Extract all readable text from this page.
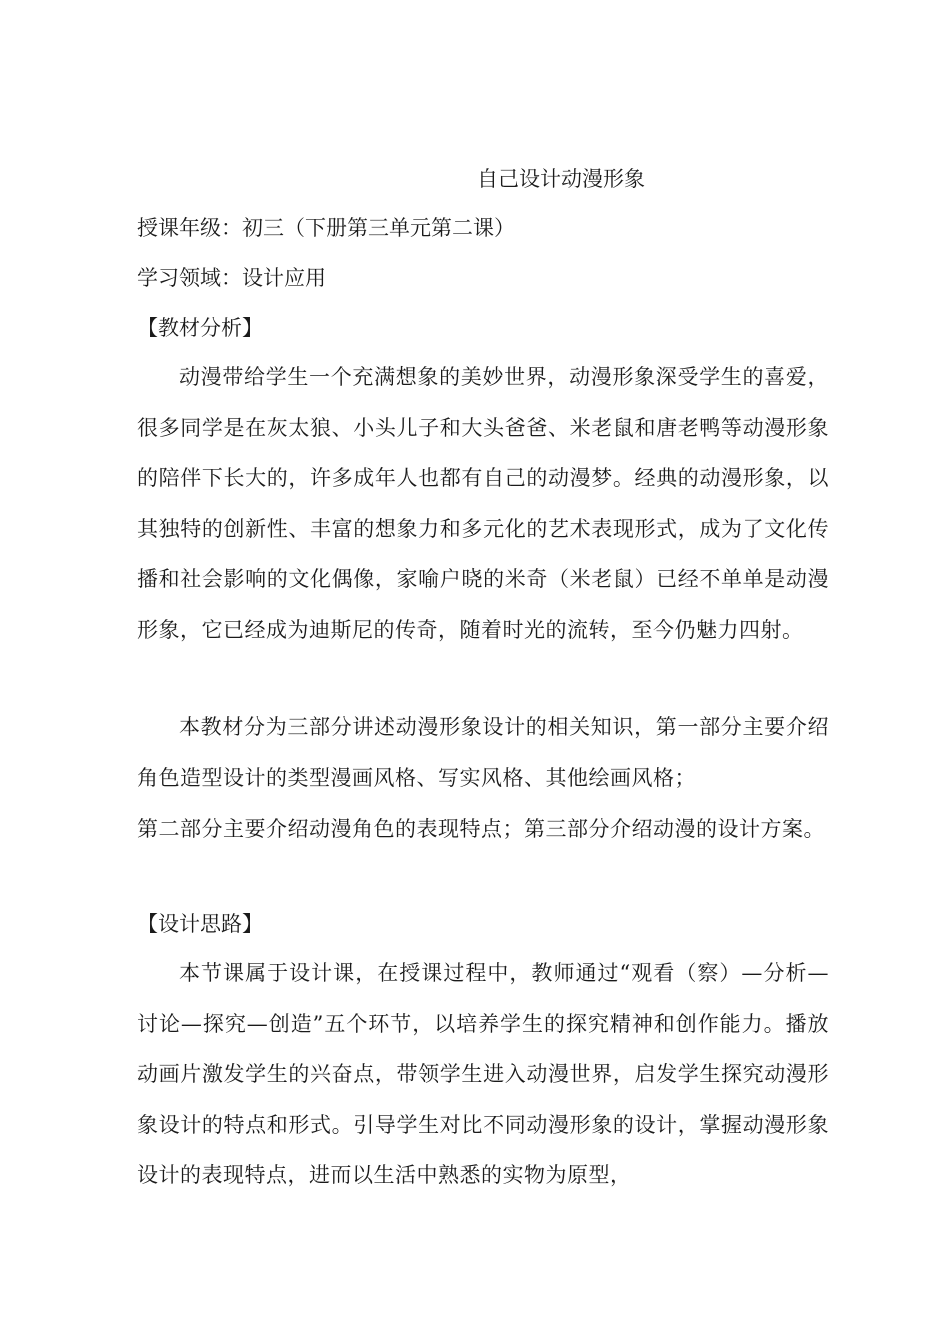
自己设计动漫形象
授课年级：初三（下册第三单元第二课）
学习领域：设计应用
【教材分析】

动漫带给学生一个充满想象的美妙世界，动漫形象深受学生的喜爱，很多同学是在灰太狼、小头儿子和大头爸爸、米老鼠和唐老鸭等动漫形象的陪伴下长大的，许多成年人也都有自己的动漫梦。经典的动漫形象，以其独特的创新性、丰富的想象力和多元化的艺术表现形式，成为了文化传播和社会影响的文化偶像，家喻户晓的米奇（米老鼠）已经不单单是动漫形象，它已经成为迪斯尼的传奇，随着时光的流转，至今仍魅力四射。

本教材分为三部分讲述动漫形象设计的相关知识，第一部分主要介绍角色造型设计的类型漫画风格、写实风格、其他绘画风格；

第二部分主要介绍动漫角色的表现特点；第三部分介绍动漫的设计方案。

【设计思路】

本节课属于设计课，在授课过程中，教师通过“观看（察）—分析—讨论—探究—创造”五个环节，以培养学生的探究精神和创作能力。播放动画片激发学生的兴奋点，带领学生进入动漫世界，启发学生探究动漫形象设计的特点和形式。引导学生对比不同动漫形象的设计，掌握动漫形象设计的表现特点，进而以生活中熟悉的实物为原型，
